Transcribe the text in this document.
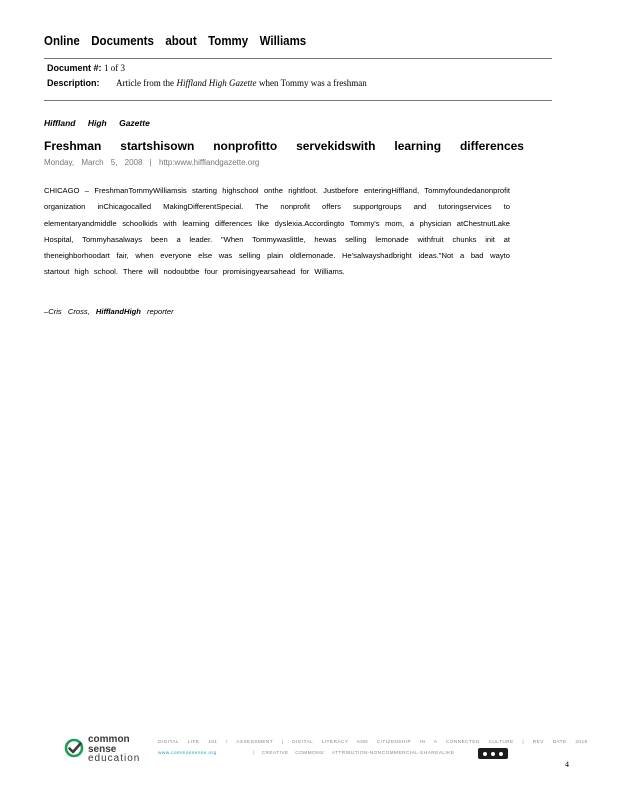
Online Documents about Tommy Williams
Document #: 1 of 3
Description: Article from the Hiffland High Gazette when Tommy was a freshman
Hiffland High Gazette
Freshman startshisown nonprofitto servekidswith learning differences
Monday, March 5, 2008 | http:www.hifflandgazette.org
CHICAGO – FreshmanTommyWilliamsis starting highschool onthe rightfoot. Justbefore enteringHiffland, Tommyfoundedanonprofit organization inChicagocalled MakingDifferentSpecial. The nonprofit offers supportgroups and tutoringservices to elementaryandmiddle schoolkids with learning differences like dyslexia.Accordingto Tommy's mom, a physician atChestnutLake Hospital, Tommyhasalways been a leader. "When Tommywaslittle, hewas selling lemonade withfruit chunks init at theneighborhoodart fair, when everyone else was selling plain oldlemonade. He'salwayshadbright ideas."Not a bad wayto startout high school. There will nodoubtbe four promisingyearsahead for Williams.
–Cris Cross, HifflandHigh reporter
common
sense
education
DIGITAL LIFE 101 / ASSESSMENT | DIGITAL LITERACY AND CITIZENSHIP IN A CONNECTED CULTURE | REV DATE 2015
www.commonsense.org	| CREATIVE COMMONS: ATTRIBUTION-NONCOMMERCIAL-SHAREALIKE
4
